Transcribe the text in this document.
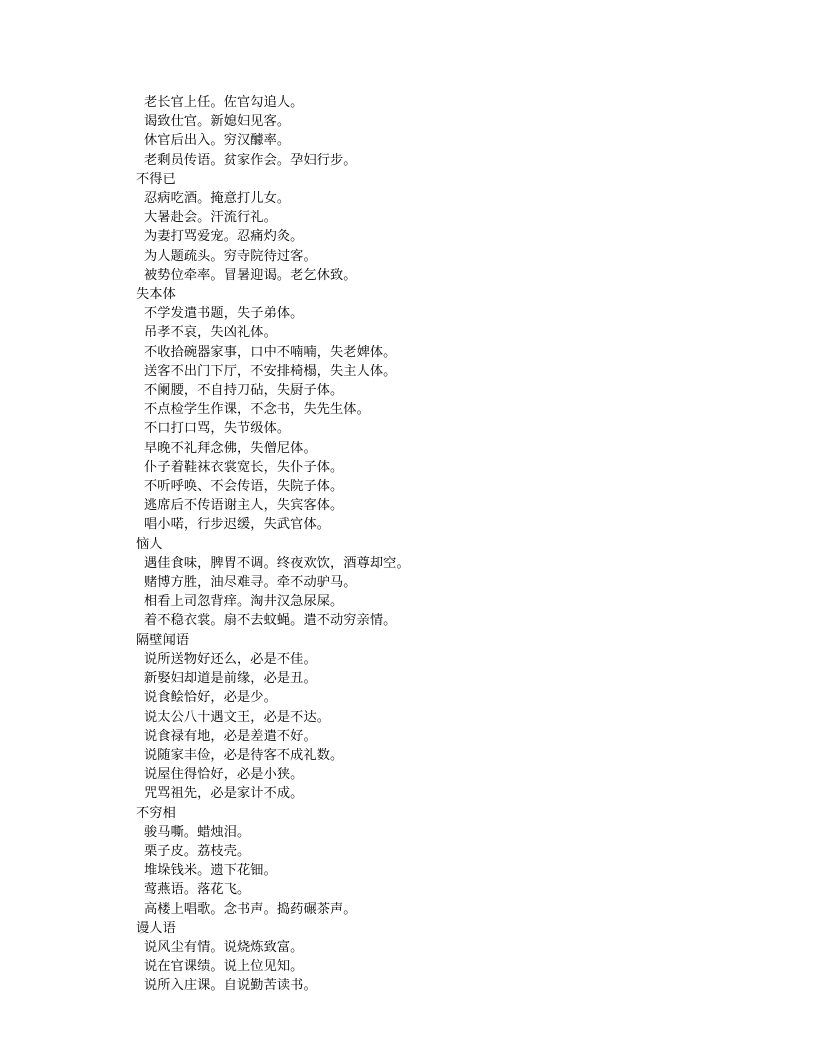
老长官上任。佐官勾追人。
谒致仕官。新媳妇见客。
休官后出入。穷汉醵率。
老剩员传语。贫家作会。孕妇行步。
不得已
忍病吃酒。掩意打儿女。
大暑赴会。汗流行礼。
为妻打骂爱宠。忍痛灼灸。
为人题疏头。穷寺院待过客。
被势位牵率。冒暑迎谒。老乞休致。
失本体
不学发遣书题，失子弟体。
吊孝不哀，失凶礼体。
不收拾碗器家事，口中不喃喃，失老婢体。
送客不出门下厅，不安排椅榻，失主人体。
不阑腰，不自持刀砧，失厨子体。
不点检学生作课，不念书，失先生体。
不口打口骂，失节级体。
早晚不礼拜念佛，失僧尼体。
仆子着鞋袜衣裳宽长，失仆子体。
不听呼唤、不会传语，失院子体。
逃席后不传语谢主人，失宾客体。
唱小喏，行步迟缓，失武官体。
恼人
遇佳食味，脾胃不调。终夜欢饮，酒尊却空。
赌博方胜，油尽难寻。牵不动驴马。
相看上司忽背痒。淘井汉急尿屎。
着不稳衣裳。扇不去蚊蝇。遣不动穷亲情。
隔壁闻语
说所送物好还么，必是不佳。
新娶妇却道是前缘，必是丑。
说食鲙恰好，必是少。
说太公八十遇文王，必是不达。
说食禄有地，必是差遣不好。
说随家丰俭，必是待客不成礼数。
说屋住得恰好，必是小狭。
咒骂祖先，必是家计不成。
不穷相
骏马嘶。蜡烛泪。
栗子皮。荔枝壳。
堆垛钱米。遗下花钿。
莺燕语。落花飞。
高楼上唱歌。念书声。捣药碾茶声。
谩人语
说风尘有情。说烧炼致富。
说在官课绩。说上位见知。
说所入庄课。自说勤苦读书。
